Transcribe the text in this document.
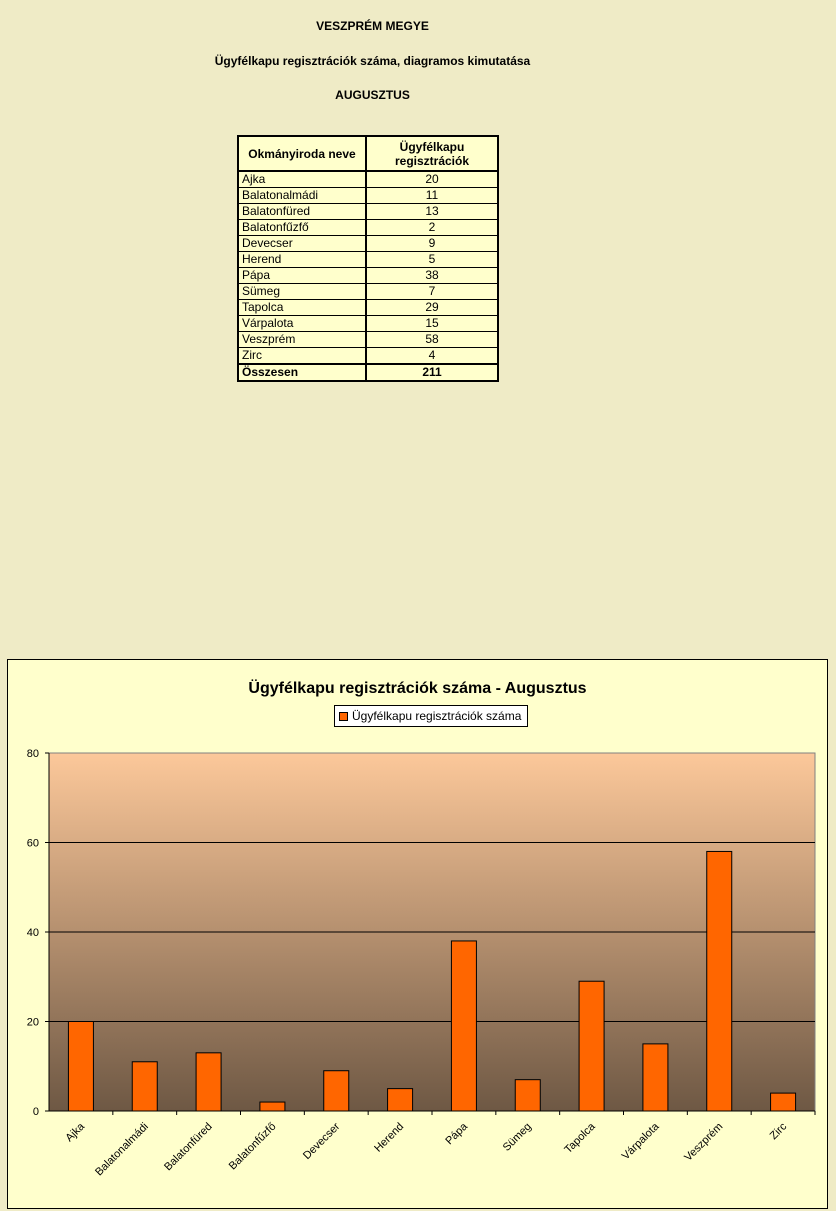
VESZPRÉM MEGYE
Ügyfélkapu regisztrációk száma, diagramos kimutatása
AUGUSZTUS
Okmányiroda neve	Ügyfélkapu
regisztrációk
Ajka	20
Balatonalmádi	11
Balatonfüred	13
Balatonfűzfő	2
Devecser	9
Herend	5
Pápa	38
Sümeg	7
Tapolca	29
Várpalota	15
Veszprém	58
Zirc	4
Összesen	211
Ügyfélkapu regisztrációk száma - Augusztus
Ügyfélkapu regisztrációk száma
0
20
40
60
80
Ajka Balatonalmádi Balatonfüred Balatonfűzfő Devecser	Herend	Pápa	Sümeg	Tapolca Várpalota Veszprém	Zirc
